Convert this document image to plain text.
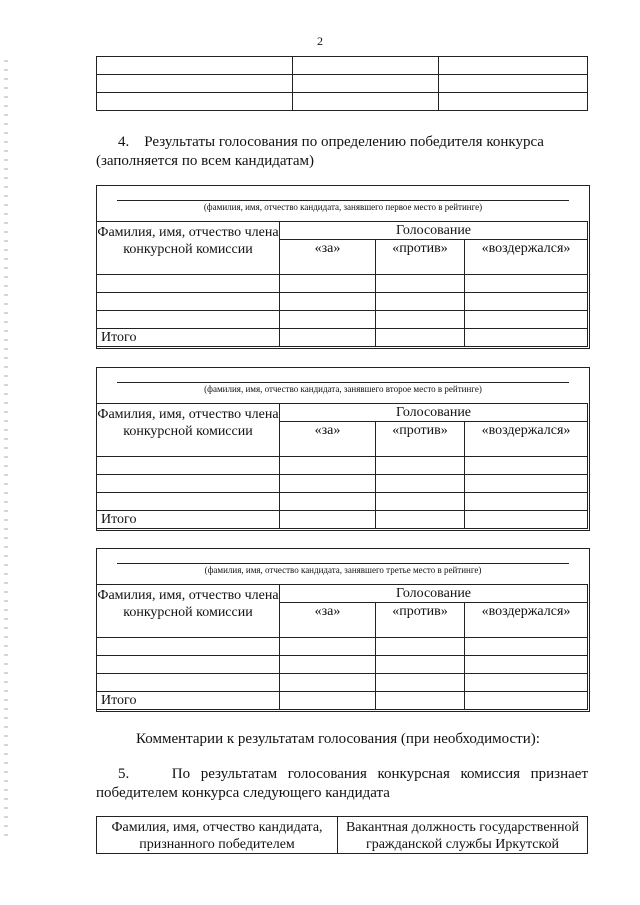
2

4. Результаты голосования по определению победителя конкурса
(заполняется по всем кандидатам)
(фамилия, имя, отчество кандидата, занявшего первое место в рейтинге)
Фамилия, имя, отчество члена конкурсной комиссии	Голосование		
	«за»	«против»	«воздержался»

Итого			
(фамилия, имя, отчество кандидата, занявшего второе место в рейтинге)
Фамилия, имя, отчество члена конкурсной комиссии	Голосование		
	«за»	«против»	«воздержался»

Итого			
(фамилия, имя, отчество кандидата, занявшего третье место в рейтинге)
Фамилия, имя, отчество члена конкурсной комиссии	Голосование		
	«за»	«против»	«воздержался»

Итого			
Комментарии к результатам голосования (при необходимости):
5.	По результатам голосования конкурсная комиссия признает победителем конкурса следующего кандидата
Фамилия, имя, отчество кандидата, признанного победителем	Вакантная должность государственной гражданской службы Иркутской
